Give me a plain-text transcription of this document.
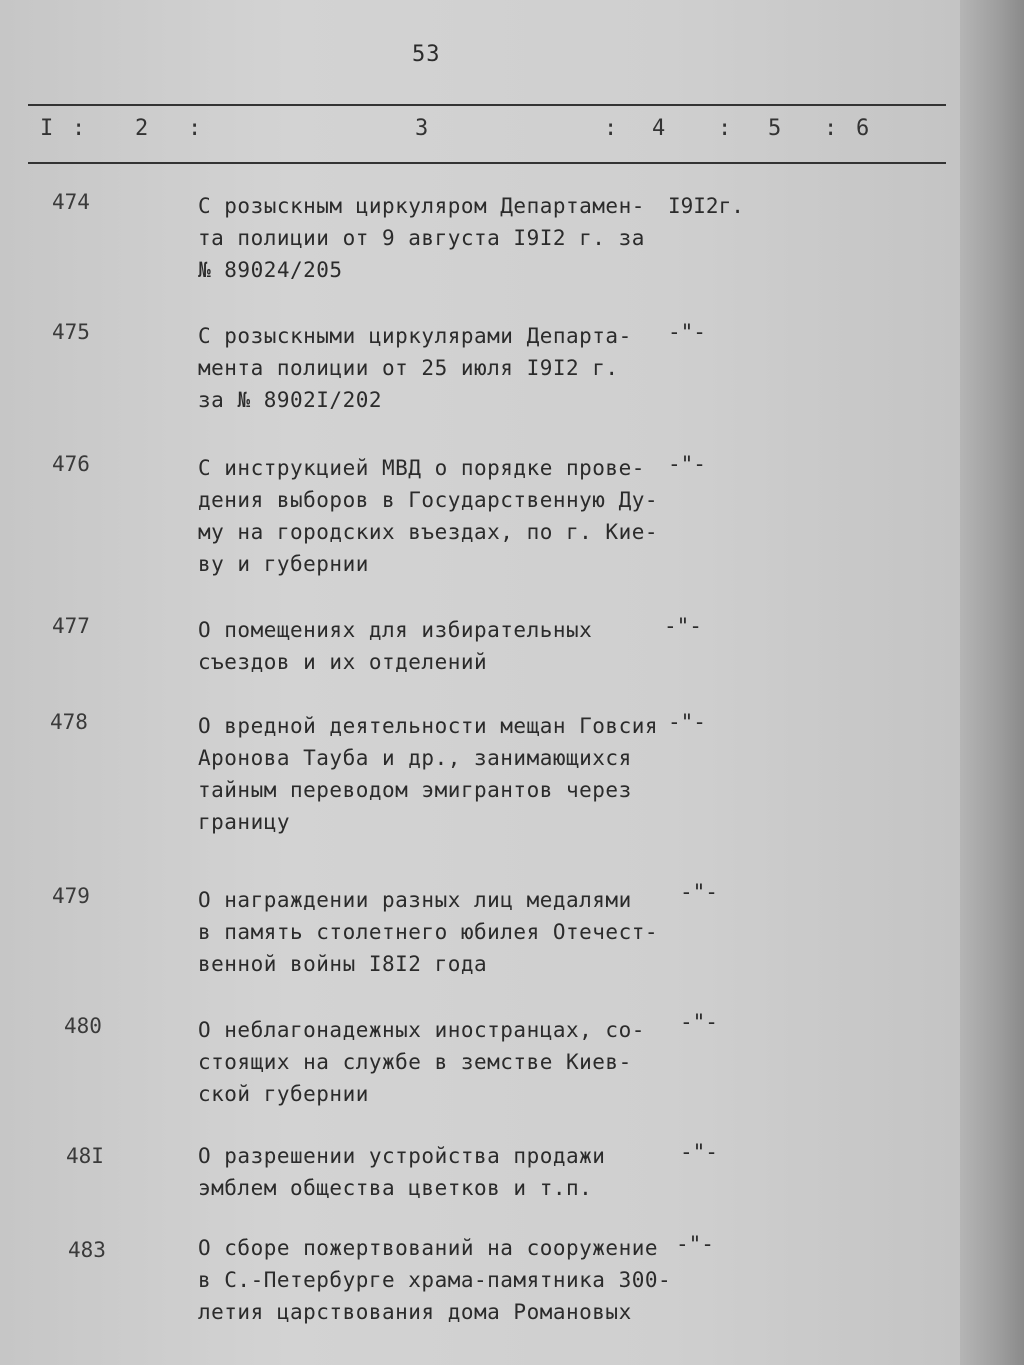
53
I : 2 :	3	: 4 : 5 : 6
474	С розыскным циркуляром Департамен-
та полиции от 9 августа I9I2 г. за
№ 89024/205
I9I2г.
475	С розыскными циркулярами Департа-
мента полиции от 25 июля I9I2 г.
за № 8902I/202
-"-
476	С инструкцией МВД о порядке прове-
дения выборов в Государственную Ду-
му на городских въездах, по г. Кие-
ву и губернии
-"-
477	О помещениях для избирательных
съездов и их отделений
-"-
478	О вредной деятельности мещан Говсия
Аронова Тауба и др., занимающихся
тайным переводом эмигрантов через
границу
-"-
479	О награждении разных лиц медалями
в память столетнего юбилея Отечест-
венной войны I8I2 года
-"-
480	О неблагонадежных иностранцах, со-
стоящих на службе в земстве Киев-
ской губернии
-"-
48I	О разрешении устройства продажи
эмблем общества цветков и т.п.
-"-
483	О сборе пожертвований на сооружение
в С.-Петербурге храма-памятника 300-
летия царствования дома Романовых
-"-
